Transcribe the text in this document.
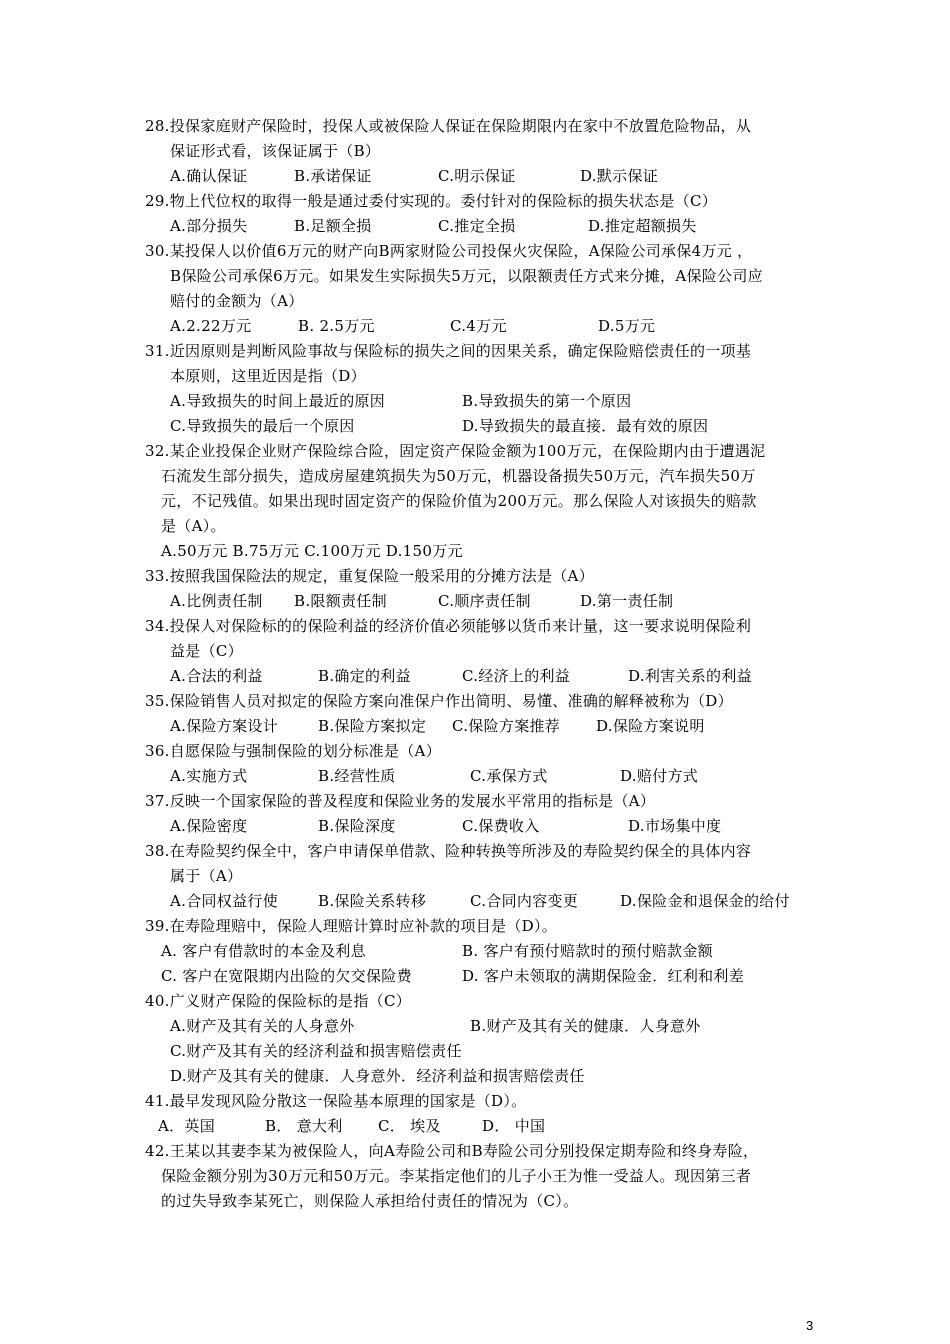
28.投保家庭财产保险时，投保人或被保险人保证在保险期限内在家中不放置危险物品，从
保证形式看，该保证属于（B）
A.确认保证	B.承诺保证	C.明示保证	D.默示保证
29.物上代位权的取得一般是通过委付实现的。委付针对的保险标的损失状态是（C）
A.部分损失	B.足额全损	C.推定全损	D.推定超额损失
30.某投保人以价值6万元的财产向B两家财险公司投保火灾保险，A保险公司承保4万元 ，
B保险公司承保6万元。如果发生实际损失5万元，以限额责任方式来分摊，A保险公司应
赔付的金额为（A）
A.2.22万元	B. 2.5万元	C.4万元	D.5万元
31.近因原则是判断风险事故与保险标的损失之间的因果关系，确定保险赔偿责任的一项基
本原则，这里近因是指（D）
A.导致损失的时间上最近的原因	B.导致损失的第一个原因
C.导致损失的最后一个原因	D.导致损失的最直接．最有效的原因
32.某企业投保企业财产保险综合险，固定资产保险金额为100万元，在保险期内由于遭遇泥
石流发生部分损失，造成房屋建筑损失为50万元，机器设备损失50万元，汽车损失50万
元，不记残值。如果出现时固定资产的保险价值为200万元。那么保险人对该损失的赔款
是（A）。
A.50万元 B.75万元 C.100万元 D.150万元
33.按照我国保险法的规定，重复保险一般采用的分摊方法是（A）
A.比例责任制 B.限额责任制	C.顺序责任制	D.第一责任制
34.投保人对保险标的的保险利益的经济价值必须能够以货币来计量，这一要求说明保险利
益是（C）
A.合法的利益	B.确定的利益	C.经济上的利益	D.利害关系的利益
35.保险销售人员对拟定的保险方案向准保户作出简明、易懂、准确的解释被称为（D）
A.保险方案设计	B.保险方案拟定 C.保险方案推荐 D.保险方案说明
36.自愿保险与强制保险的划分标准是（A）
A.实施方式	B.经营性质	C.承保方式	D.赔付方式
37.反映一个国家保险的普及程度和保险业务的发展水平常用的指标是（A）
A.保险密度	B.保险深度	C.保费收入	D.市场集中度
38.在寿险契约保全中，客户申请保单借款、险种转换等所涉及的寿险契约保全的具体内容
属于（A）
A.合同权益行使	B.保险关系转移	C.合同内容变更	D.保险金和退保金的给付
39.在寿险理赔中，保险人理赔计算时应补款的项目是（D）。
A. 客户有借款时的本金及利息	B. 客户有预付赔款时的预付赔款金额
C. 客户在宽限期内出险的欠交保险费	D. 客户未领取的满期保险金．红利和利差
40.广义财产保险的保险标的是指（C）
A.财产及其有关的人身意外	B.财产及其有关的健康．人身意外
C.财产及其有关的经济利益和损害赔偿责任
D.财产及其有关的健康．人身意外．经济利益和损害赔偿责任
41.最早发现风险分散这一保险基本原理的国家是（D）。
A．英国	B． 意大利 C． 埃及	D． 中国
42.王某以其妻李某为被保险人，向A寿险公司和B寿险公司分别投保定期寿险和终身寿险，
保险金额分别为30万元和50万元。李某指定他们的儿子小王为惟一受益人。现因第三者
的过失导致李某死亡，则保险人承担给付责任的情况为（C）。
3
